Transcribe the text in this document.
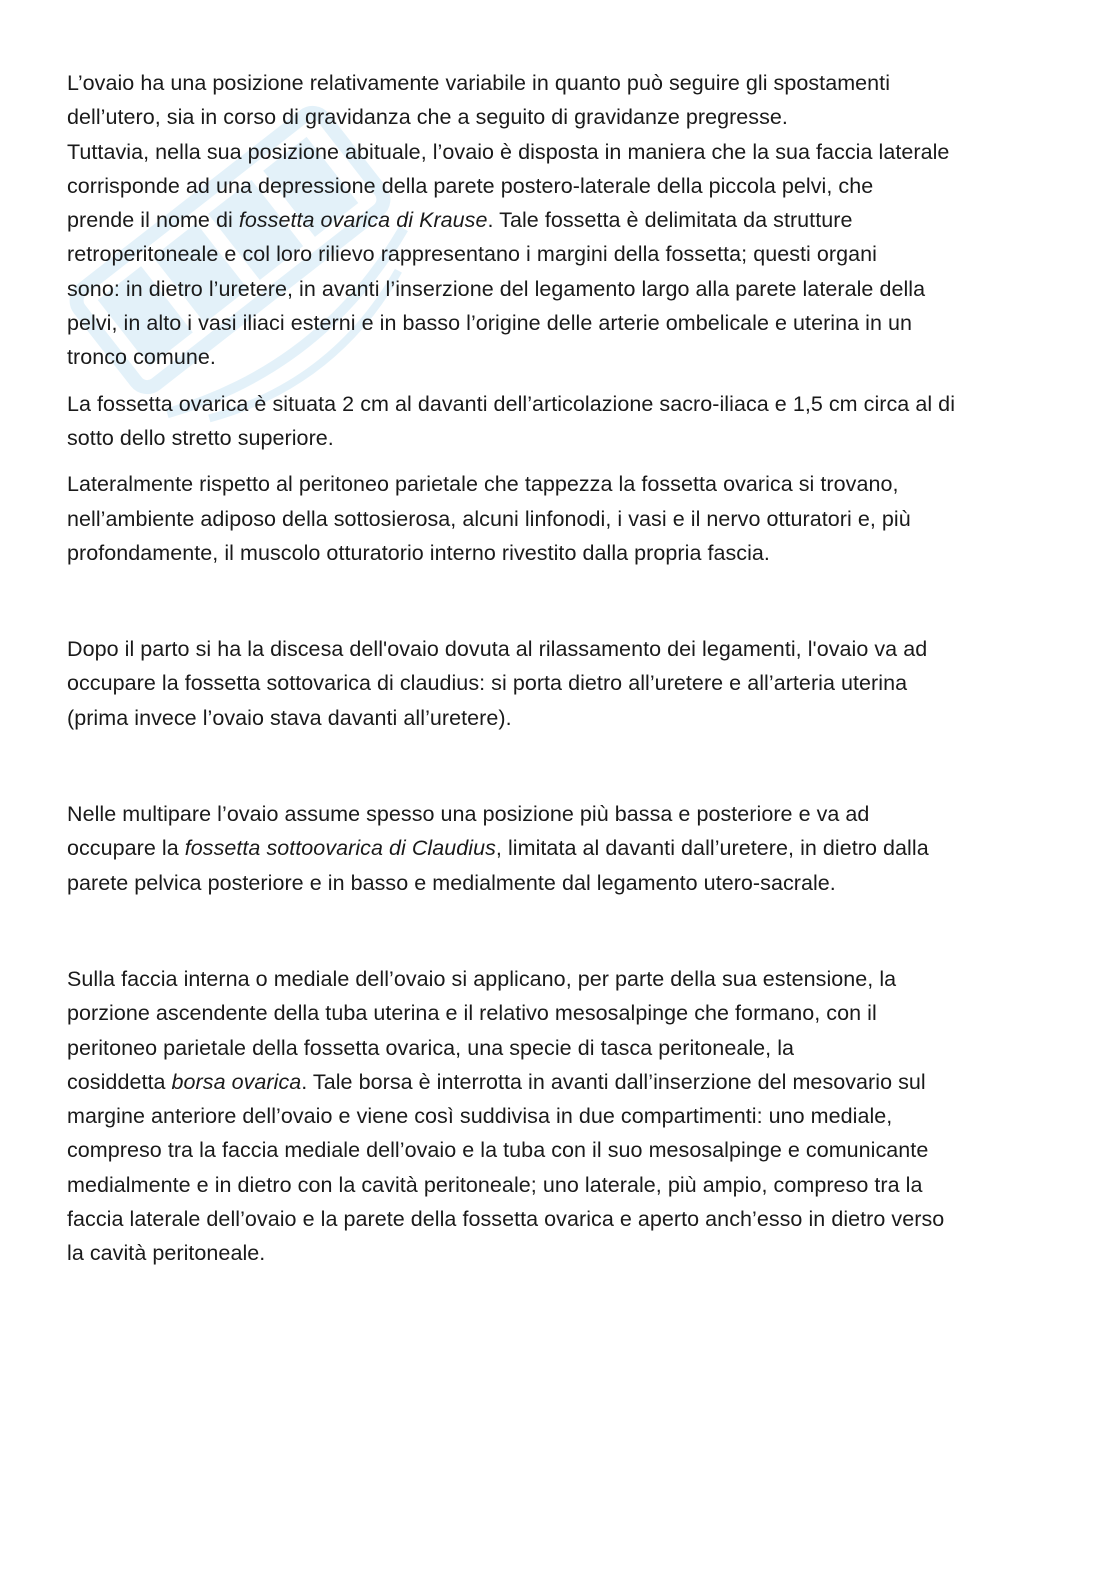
L’ovaio ha una posizione relativamente variabile in quanto può seguire gli spostamenti
dell’utero, sia in corso di gravidanza che a seguito di gravidanze pregresse.
Tuttavia, nella sua posizione abituale, l’ovaio è disposta in maniera che la sua faccia laterale
corrisponde ad una depressione della parete postero-laterale della piccola pelvi, che
prende il nome di fossetta ovarica di Krause. Tale fossetta è delimitata da strutture
retroperitoneale e col loro rilievo rappresentano i margini della fossetta; questi organi
sono: in dietro l’uretere, in avanti l’inserzione del legamento largo alla parete laterale della
pelvi, in alto i vasi iliaci esterni e in basso l’origine delle arterie ombelicale e uterina in un
tronco comune.

La fossetta ovarica è situata 2 cm al davanti dell’articolazione sacro-iliaca e 1,5 cm circa al di
sotto dello stretto superiore.

Lateralmente rispetto al peritoneo parietale che tappezza la fossetta ovarica si trovano,
nell’ambiente adiposo della sottosierosa, alcuni linfonodi, i vasi e il nervo otturatori e, più
profondamente, il muscolo otturatorio interno rivestito dalla propria fascia.

Dopo il parto si ha la discesa dell'ovaio dovuta al rilassamento dei legamenti, l'ovaio va ad
occupare la fossetta sottovarica di claudius: si porta dietro all’uretere e all’arteria uterina
(prima invece l’ovaio stava davanti all’uretere).

Nelle multipare l’ovaio assume spesso una posizione più bassa e posteriore e va ad
occupare la fossetta sottoovarica di Claudius, limitata al davanti dall’uretere, in dietro dalla
parete pelvica posteriore e in basso e medialmente dal legamento utero-sacrale.

Sulla faccia interna o mediale dell’ovaio si applicano, per parte della sua estensione, la
porzione ascendente della tuba uterina e il relativo mesosalpinge che formano, con il
peritoneo parietale della fossetta ovarica, una specie di tasca peritoneale, la
cosiddetta borsa ovarica. Tale borsa è interrotta in avanti dall’inserzione del mesovario sul
margine anteriore dell’ovaio e viene così suddivisa in due compartimenti: uno mediale,
compreso tra la faccia mediale dell’ovaio e la tuba con il suo mesosalpinge e comunicante
medialmente e in dietro con la cavità peritoneale; uno laterale, più ampio, compreso tra la
faccia laterale dell’ovaio e la parete della fossetta ovarica e aperto anch’esso in dietro verso
la cavità peritoneale.
